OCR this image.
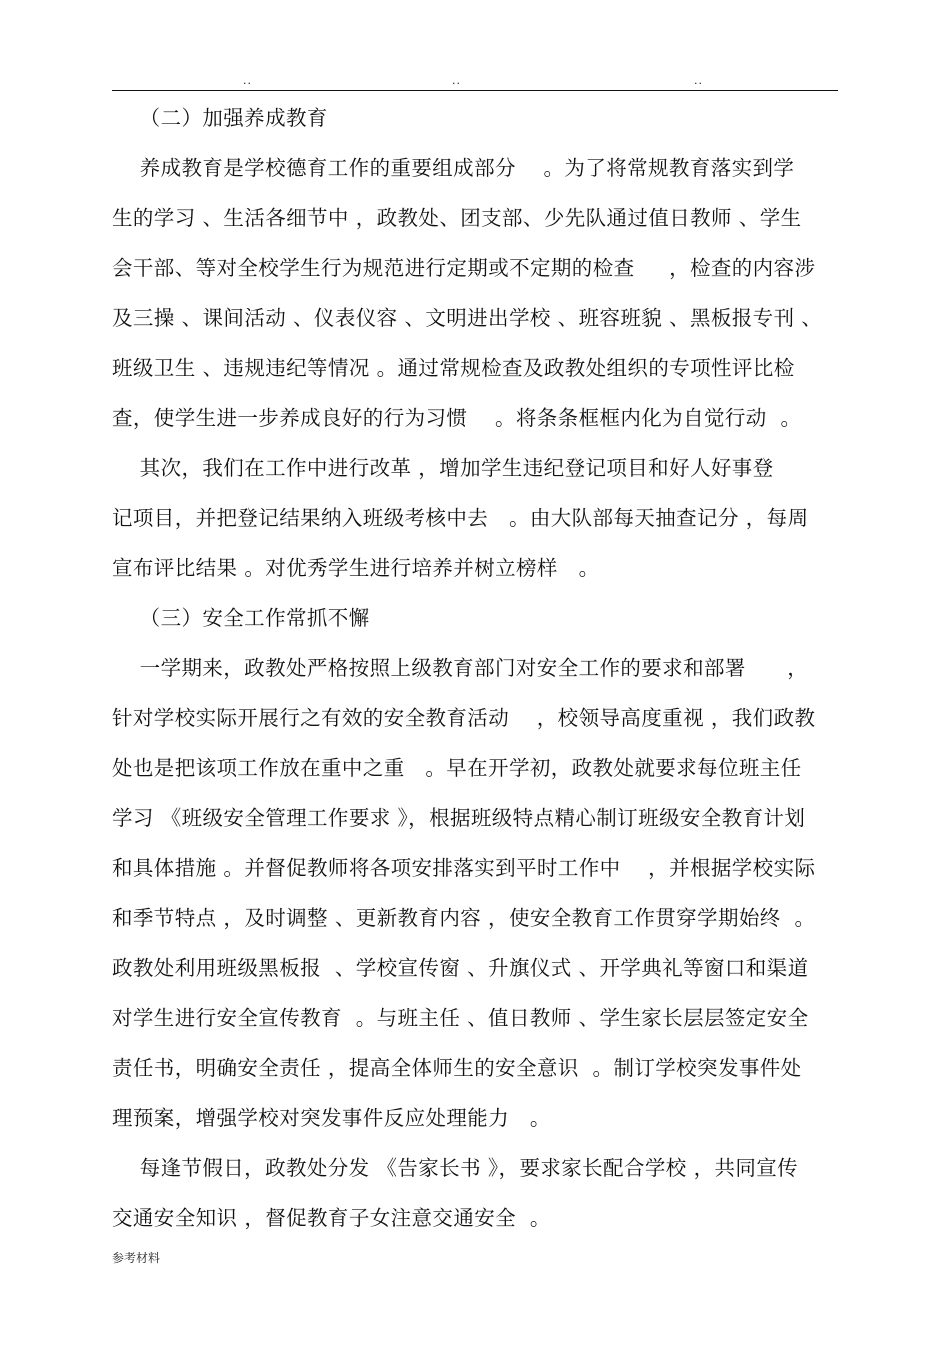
..	..	..
（二）加强养成教育
养成教育是学校德育工作的重要组成部分    。为了将常规教育落实到学
生的学习 、生活各细节中 ，政教处、团支部、少先队通过值日教师 、学生
会干部、等对全校学生行为规范进行定期或不定期的检查     ，检查的内容涉
及三操 、课间活动 、仪表仪容 、文明进出学校 、班容班貌 、黑板报专刊 、
班级卫生 、违规违纪等情况 。通过常规检查及政教处组织的专项性评比检
查，使学生进一步养成良好的行为习惯    。将条条框框内化为自觉行动  。
其次，我们在工作中进行改革 ，增加学生违纪登记项目和好人好事登
记项目，并把登记结果纳入班级考核中去   。由大队部每天抽查记分 ，每周
宣布评比结果 。对优秀学生进行培养并树立榜样   。
（三）安全工作常抓不懈
一学期来，政教处严格按照上级教育部门对安全工作的要求和部署      ，
针对学校实际开展行之有效的安全教育活动    ，校领导高度重视 ，我们政教
处也是把该项工作放在重中之重   。早在开学初，政教处就要求每位班主任
学习 《班级安全管理工作要求 》，根据班级特点精心制订班级安全教育计划
和具体措施 。并督促教师将各项安排落实到平时工作中    ，并根据学校实际
和季节特点 ，及时调整 、更新教育内容 ，使安全教育工作贯穿学期始终  。
政教处利用班级黑板报  、学校宣传窗 、升旗仪式 、开学典礼等窗口和渠道
对学生进行安全宣传教育  。与班主任 、值日教师 、学生家长层层签定安全
责任书，明确安全责任 ，提高全体师生的安全意识  。制订学校突发事件处
理预案，增强学校对突发事件反应处理能力   。
每逢节假日，政教处分发 《告家长书 》，要求家长配合学校 ，共同宣传
交通安全知识 ，督促教育子女注意交通安全  。
参考材料
